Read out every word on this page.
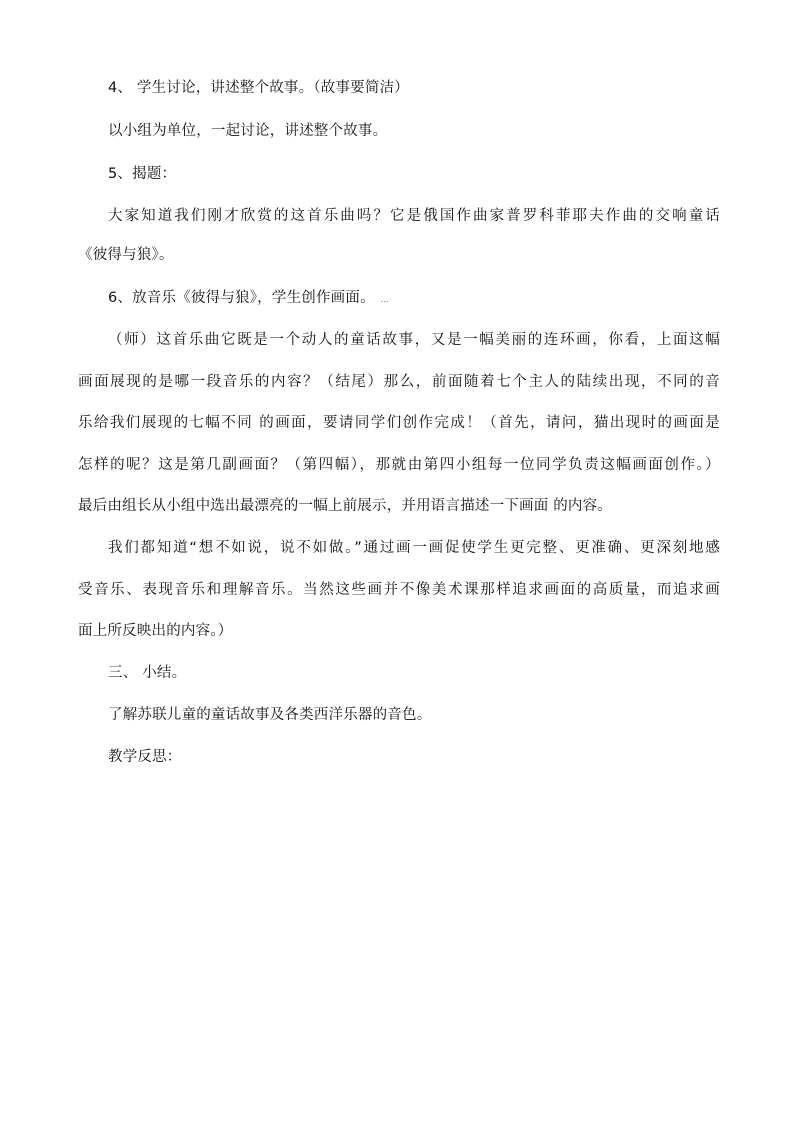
4、 学生讨论，讲述整个故事。（故事要简洁）
以小组为单位，一起讨论，讲述整个故事。
5、揭题：
大家知道我们刚才欣赏的这首乐曲吗？它是俄国作曲家普罗科菲耶夫作曲的交响童话
《彼得与狼》。
6、放音乐《彼得与狼》，学生创作画面。 ...
（师）这首乐曲它既是一个动人的童话故事，又是一幅美丽的连环画，你看，上面这幅
画面展现的是哪一段音乐的内容？（结尾）那么，前面随着七个主人的陆续出现，不同的音
乐给我们展现的七幅不同 的画面，要请同学们创作完成！（首先，请问，猫出现时的画面是
怎样的呢？这是第几副画面？（第四幅），那就由第四小组每一位同学负责这幅画面创作。）
最后由组长从小组中选出最漂亮的一幅上前展示，并用语言描述一下画面 的内容。
我们都知道“想不如说，说不如做。”通过画一画促使学生更完整、更准确、更深刻地感
受音乐、表现音乐和理解音乐。当然这些画并不像美术课那样追求画面的高质量，而追求画
面上所反映出的内容。）
三、 小结。
了解苏联儿童的童话故事及各类西洋乐器的音色。
教学反思：
